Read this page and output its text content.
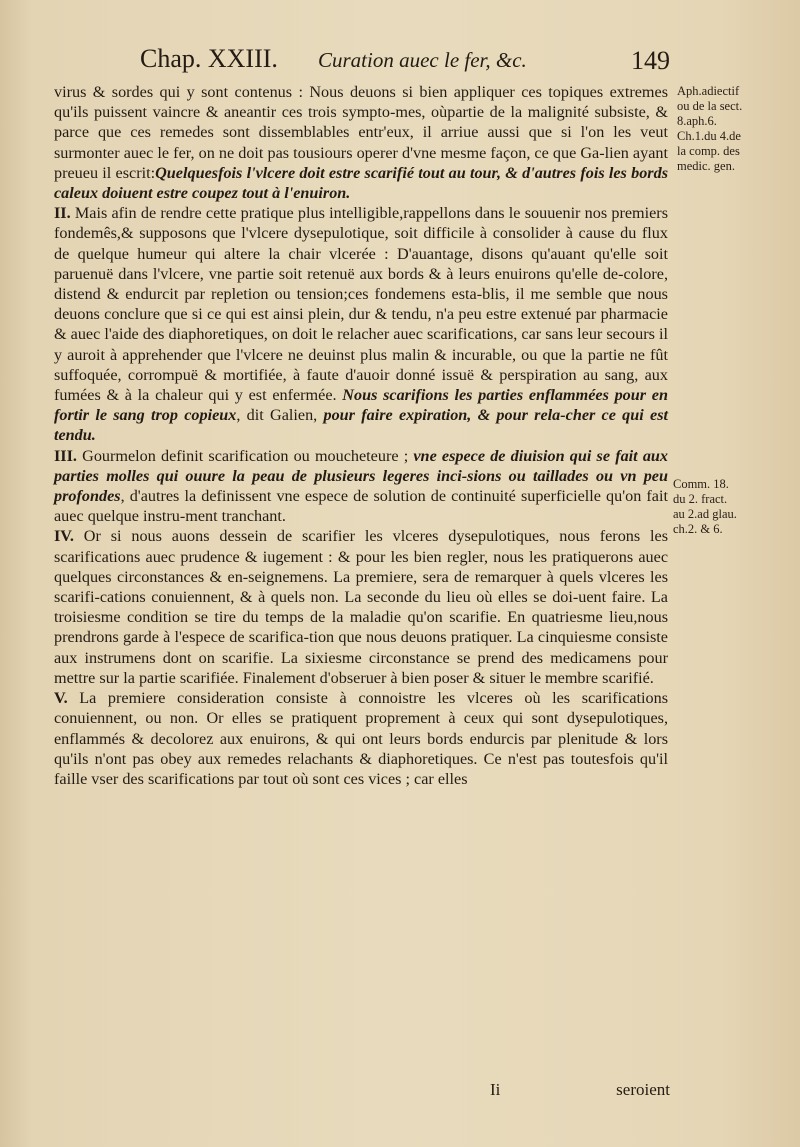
Chap. XXIII. Curation auec le fer, &c.	149

virus & sordes qui y sont contenus : Nous deuons si bien appliquer ces topiques extremes qu'ils puissent vaincre & aneantir ces trois sympto-mes, oùpartie de la malignité subsiste, & parce que ces remedes sont dissemblables entr'eux, il arriue aussi que si l'on les veut surmonter auec le fer, on ne doit pas tousiours operer d'vne mesme façon, ce que Ga-lien ayant preueu il escrit:Quelquesfois l'vlcere doit estre scarifié tout au tour, & d'autres fois les bords caleux doiuent estre coupez tout à l'enuiron.

II. Mais afin de rendre cette pratique plus intelligible,rappellons dans le souuenir nos premiers fondemês,& supposons que l'vlcere dysepulotique, soit difficile à consolider à cause du flux de quelque humeur qui altere la chair vlcerée : D'auantage, disons qu'auant qu'elle soit paruenuë dans l'vlcere, vne partie soit retenuë aux bords & à leurs enuirons qu'elle de-colore, distend & endurcit par repletion ou tension;ces fondemens esta-blis, il me semble que nous deuons conclure que si ce qui est ainsi plein, dur & tendu, n'a peu estre extenué par pharmacie & auec l'aide des diaphoretiques, on doit le relacher auec scarifications, car sans leur secours il y auroit à apprehender que l'vlcere ne deuinst plus malin & incurable, ou que la partie ne fût suffoquée, corrompuë & mortifiée, à faute d'auoir donné issuë & perspiration au sang, aux fumées & à la chaleur qui y est enfermée. Nous scarifions les parties enflammées pour en fortir le sang trop copieux, dit Galien, pour faire expiration, & pour rela-cher ce qui est tendu.

III. Gourmelon definit scarification ou moucheteure ; vne espece de diuision qui se fait aux parties molles qui ouure la peau de plusieurs legeres inci-sions ou taillades ou vn peu profondes, d'autres la definissent vne espece de solution de continuité superficielle qu'on fait auec quelque instru-ment tranchant.

IV. Or si nous auons dessein de scarifier les vlceres dysepulotiques, nous ferons les scarifications auec prudence & iugement : & pour les bien regler, nous les pratiquerons auec quelques circonstances & en-seignemens. La premiere, sera de remarquer à quels vlceres les scarifi-cations conuiennent, & à quels non. La seconde du lieu où elles se doi-uent faire. La troisiesme condition se tire du temps de la maladie qu'on scarifie. En quatriesme lieu,nous prendrons garde à l'espece de scarifica-tion que nous deuons pratiquer. La cinquiesme consiste aux instrumens dont on scarifie. La sixiesme circonstance se prend des medicamens pour mettre sur la partie scarifiée. Finalement d'obseruer à bien poser & situer le membre scarifié.

V. La premiere consideration consiste à connoistre les vlceres où les scarifications conuiennent, ou non. Or elles se pratiquent proprement à ceux qui sont dysepulotiques, enflammés & decolorez aux enuirons, & qui ont leurs bords endurcis par plenitude & lors qu'ils n'ont pas obey aux remedes relachants & diaphoretiques. Ce n'est pas toutesfois qu'il faille vser des scarifications par tout où sont ces vices ; car elles

Aph.adiectif
ou de la sect.
8.aph.6.
Ch.1.du 4.de
la comp. des
medic. gen.
Comm. 18.
du 2. fract.
au 2.ad glau.
ch.2. & 6.
Ii	seroient
